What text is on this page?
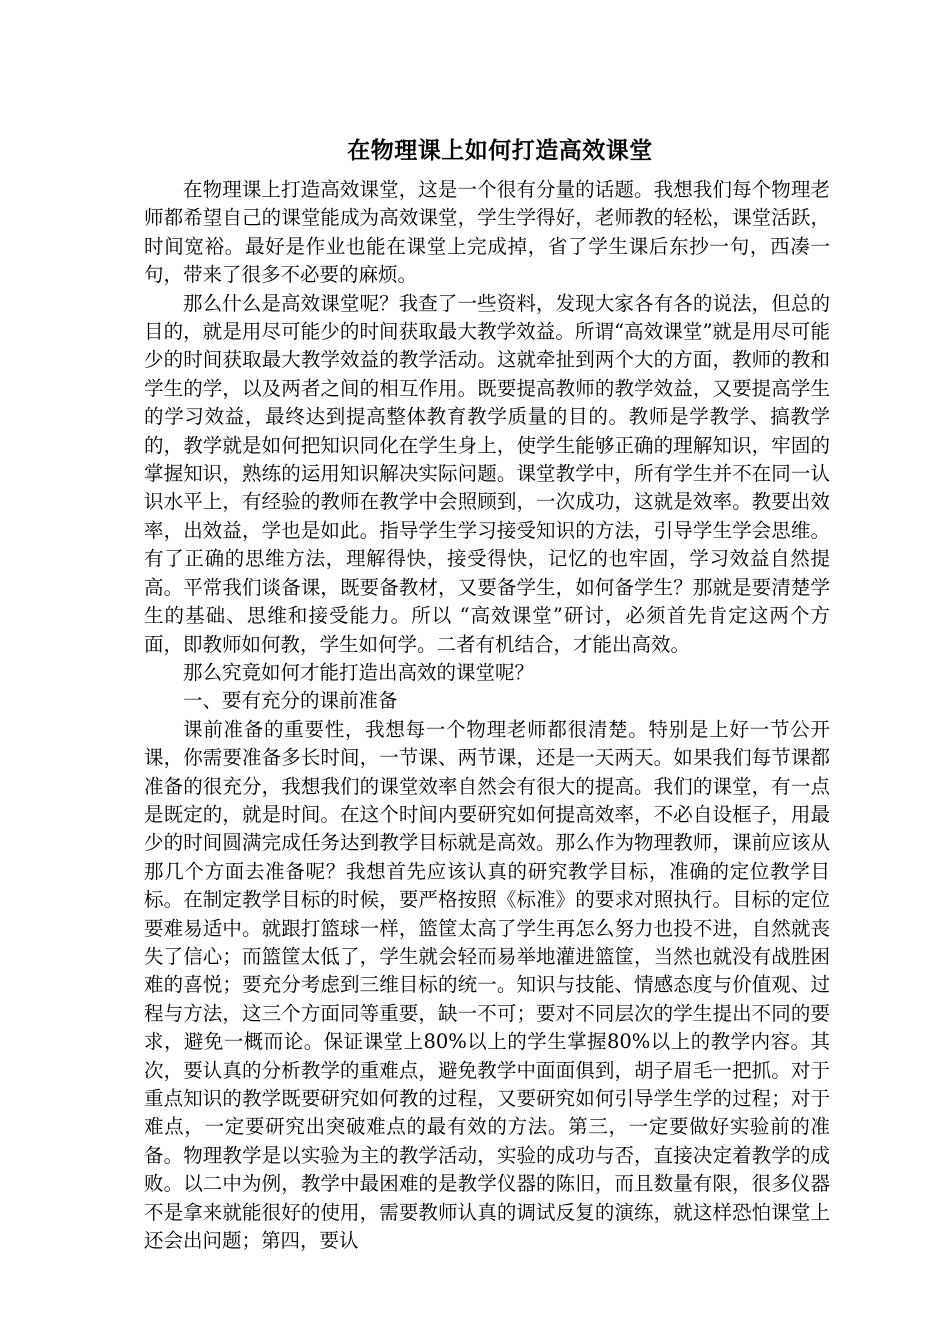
在物理课上如何打造高效课堂

在物理课上打造高效课堂，这是一个很有分量的话题。我想我们每个物理老师都希望自己的课堂能成为高效课堂，学生学得好，老师教的轻松，课堂活跃，时间宽裕。最好是作业也能在课堂上完成掉，省了学生课后东抄一句，西凑一句，带来了很多不必要的麻烦。

那么什么是高效课堂呢？我查了一些资料，发现大家各有各的说法，但总的目的，就是用尽可能少的时间获取最大教学效益。所谓“高效课堂”就是用尽可能少的时间获取最大教学效益的教学活动。这就牵扯到两个大的方面，教师的教和学生的学，以及两者之间的相互作用。既要提高教师的教学效益，又要提高学生的学习效益，最终达到提高整体教育教学质量的目的。教师是学教学、搞教学的，教学就是如何把知识同化在学生身上，使学生能够正确的理解知识，牢固的掌握知识，熟练的运用知识解决实际问题。课堂教学中，所有学生并不在同一认识水平上，有经验的教师在教学中会照顾到，一次成功，这就是效率。教要出效率，出效益，学也是如此。指导学生学习接受知识的方法，引导学生学会思维。有了正确的思维方法，理解得快，接受得快，记忆的也牢固，学习效益自然提高。平常我们谈备课，既要备教材，又要备学生，如何备学生？那就是要清楚学生的基础、思维和接受能力。所以 “高效课堂”研讨，必须首先肯定这两个方面，即教师如何教，学生如何学。二者有机结合，才能出高效。

那么究竟如何才能打造出高效的课堂呢？

一、要有充分的课前准备

课前准备的重要性，我想每一个物理老师都很清楚。特别是上好一节公开课，你需要准备多长时间，一节课、两节课，还是一天两天。如果我们每节课都准备的很充分，我想我们的课堂效率自然会有很大的提高。我们的课堂，有一点是既定的，就是时间。在这个时间内要研究如何提高效率，不必自设框子，用最少的时间圆满完成任务达到教学目标就是高效。那么作为物理教师，课前应该从那几个方面去准备呢？我想首先应该认真的研究教学目标，准确的定位教学目标。在制定教学目标的时候，要严格按照《标准》的要求对照执行。目标的定位要难易适中。就跟打篮球一样，篮筐太高了学生再怎么努力也投不进，自然就丧失了信心；而篮筐太低了，学生就会轻而易举地灌进篮筐，当然也就没有战胜困难的喜悦；要充分考虑到三维目标的统一。知识与技能、情感态度与价值观、过程与方法，这三个方面同等重要，缺一不可；要对不同层次的学生提出不同的要求，避免一概而论。保证课堂上80%以上的学生掌握80%以上的教学内容。其次，要认真的分析教学的重难点，避免教学中面面俱到，胡子眉毛一把抓。对于重点知识的教学既要研究如何教的过程，又要研究如何引导学生学的过程；对于难点，一定要研究出突破难点的最有效的方法。第三，一定要做好实验前的准备。物理教学是以实验为主的教学活动，实验的成功与否，直接决定着教学的成败。以二中为例，教学中最困难的是教学仪器的陈旧，而且数量有限，很多仪器不是拿来就能很好的使用，需要教师认真的调试反复的演练，就这样恐怕课堂上还会出问题；第四，要认
